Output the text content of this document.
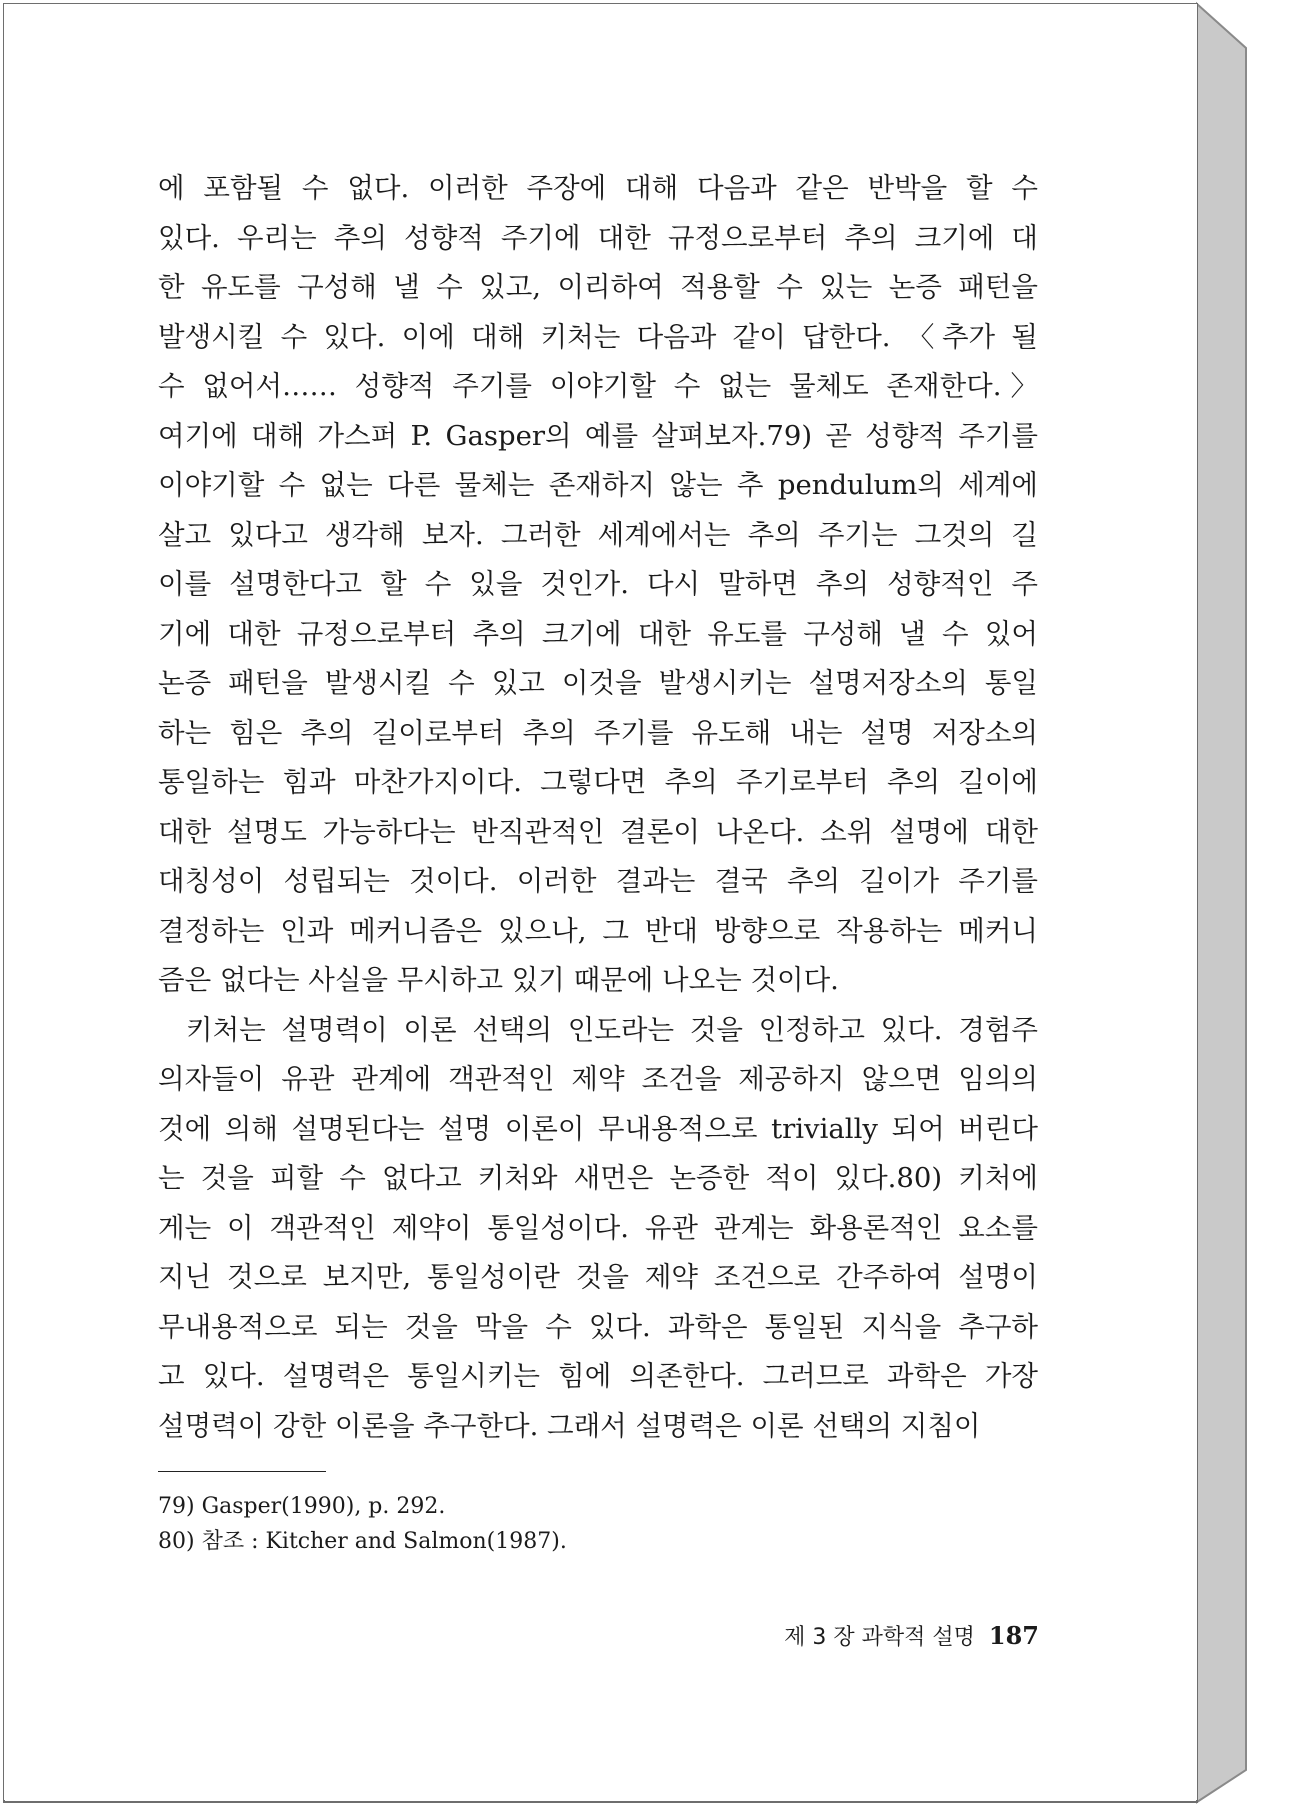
에 포함될 수 없다. 이러한 주장에 대해 다음과 같은 반박을 할 수
있다. 우리는 추의 성향적 주기에 대한 규정으로부터 추의 크기에 대
한 유도를 구성해 낼 수 있고, 이리하여 적용할 수 있는 논증 패턴을
발생시킬 수 있다. 이에 대해 키처는 다음과 같이 답한다. 〈추가 될
수 없어서…… 성향적 주기를 이야기할 수 없는 물체도 존재한다.〉
여기에 대해 가스퍼 P. Gasper의 예를 살펴보자.79) 곧 성향적 주기를
이야기할 수 없는 다른 물체는 존재하지 않는 추 pendulum의 세계에
살고 있다고 생각해 보자. 그러한 세계에서는 추의 주기는 그것의 길
이를 설명한다고 할 수 있을 것인가. 다시 말하면 추의 성향적인 주
기에 대한 규정으로부터 추의 크기에 대한 유도를 구성해 낼 수 있어
논증 패턴을 발생시킬 수 있고 이것을 발생시키는 설명저장소의 통일
하는 힘은 추의 길이로부터 추의 주기를 유도해 내는 설명 저장소의
통일하는 힘과 마찬가지이다. 그렇다면 추의 주기로부터 추의 길이에
대한 설명도 가능하다는 반직관적인 결론이 나온다. 소위 설명에 대한
대칭성이 성립되는 것이다. 이러한 결과는 결국 추의 길이가 주기를
결정하는 인과 메커니즘은 있으나, 그 반대 방향으로 작용하는 메커니
즘은 없다는 사실을 무시하고 있기 때문에 나오는 것이다.
키처는 설명력이 이론 선택의 인도라는 것을 인정하고 있다. 경험주
의자들이 유관 관계에 객관적인 제약 조건을 제공하지 않으면 임의의
것에 의해 설명된다는 설명 이론이 무내용적으로 trivially 되어 버린다
는 것을 피할 수 없다고 키처와 새먼은 논증한 적이 있다.80) 키처에
게는 이 객관적인 제약이 통일성이다. 유관 관계는 화용론적인 요소를
지닌 것으로 보지만, 통일성이란 것을 제약 조건으로 간주하여 설명이
무내용적으로 되는 것을 막을 수 있다. 과학은 통일된 지식을 추구하
고 있다. 설명력은 통일시키는 힘에 의존한다. 그러므로 과학은 가장
설명력이 강한 이론을 추구한다. 그래서 설명력은 이론 선택의 지침이
79) Gasper(1990), p. 292.
80) 참조 : Kitcher and Salmon(1987).
제 3 장 과학적 설명 187
